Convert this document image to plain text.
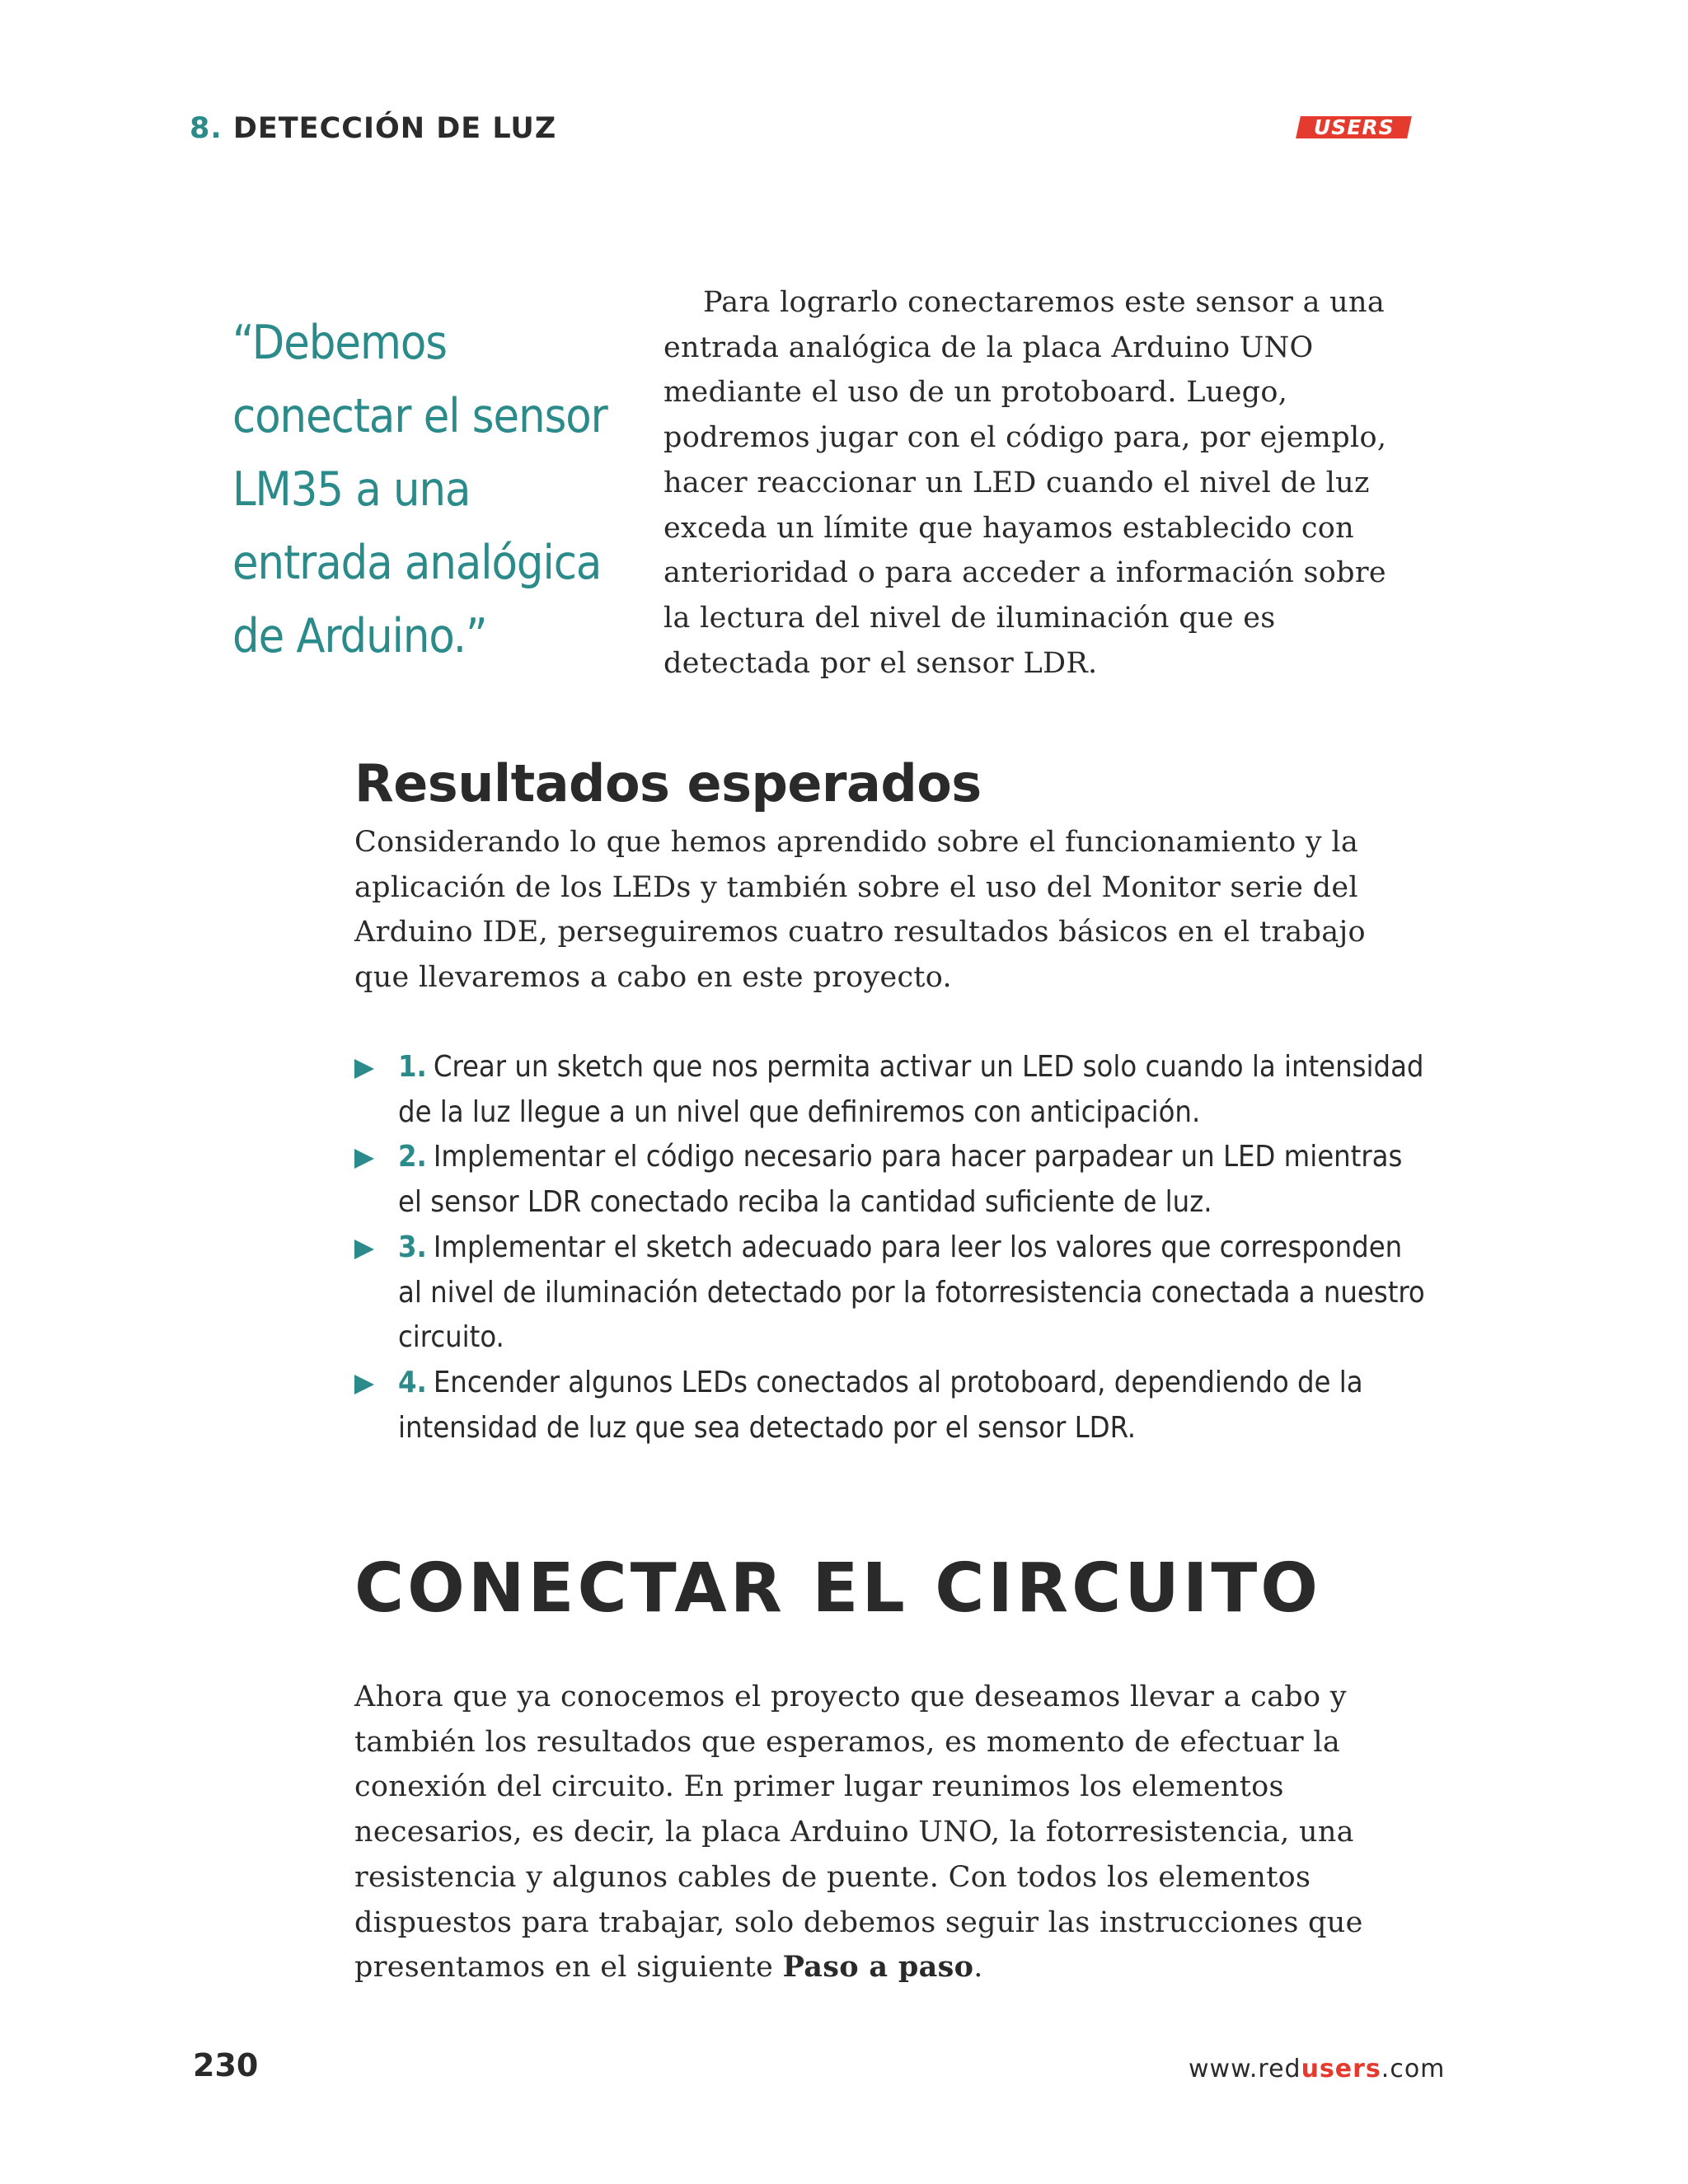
8. DETECCIÓN DE LUZ	USERS
“Debemos conectar el sensor LM35 a una entrada analógica de Arduino.”

Para lograrlo conectaremos este sensor a una entrada analógica de la placa Arduino UNO mediante el uso de un protoboard. Luego, podremos jugar con el código para, por ejemplo, hacer reaccionar un LED cuando el nivel de luz exceda un límite que hayamos establecido con anterioridad o para acceder a información sobre la lectura del nivel de iluminación que es detectada por el sensor LDR.

Resultados esperados

Considerando lo que hemos aprendido sobre el funcionamiento y la aplicación de los LEDs y también sobre el uso del Monitor serie del Arduino IDE, perseguiremos cuatro resultados básicos en el trabajo que llevaremos a cabo en este proyecto.

1. Crear un sketch que nos permita activar un LED solo cuando la intensidad de la luz llegue a un nivel que definiremos con anticipación.
2. Implementar el código necesario para hacer parpadear un LED mientras el sensor LDR conectado reciba la cantidad suficiente de luz.
3. Implementar el sketch adecuado para leer los valores que corresponden al nivel de iluminación detectado por la fotorresistencia conectada a nuestro circuito.
4. Encender algunos LEDs conectados al protoboard, dependiendo de la intensidad de luz que sea detectado por el sensor LDR.
CONECTAR EL CIRCUITO

Ahora que ya conocemos el proyecto que deseamos llevar a cabo y también los resultados que esperamos, es momento de efectuar la conexión del circuito. En primer lugar reunimos los elementos necesarios, es decir, la placa Arduino UNO, la fotorresistencia, una resistencia y algunos cables de puente. Con todos los elementos dispuestos para trabajar, solo debemos seguir las instrucciones que presentamos en el siguiente Paso a paso.

230	www.redusers.com
